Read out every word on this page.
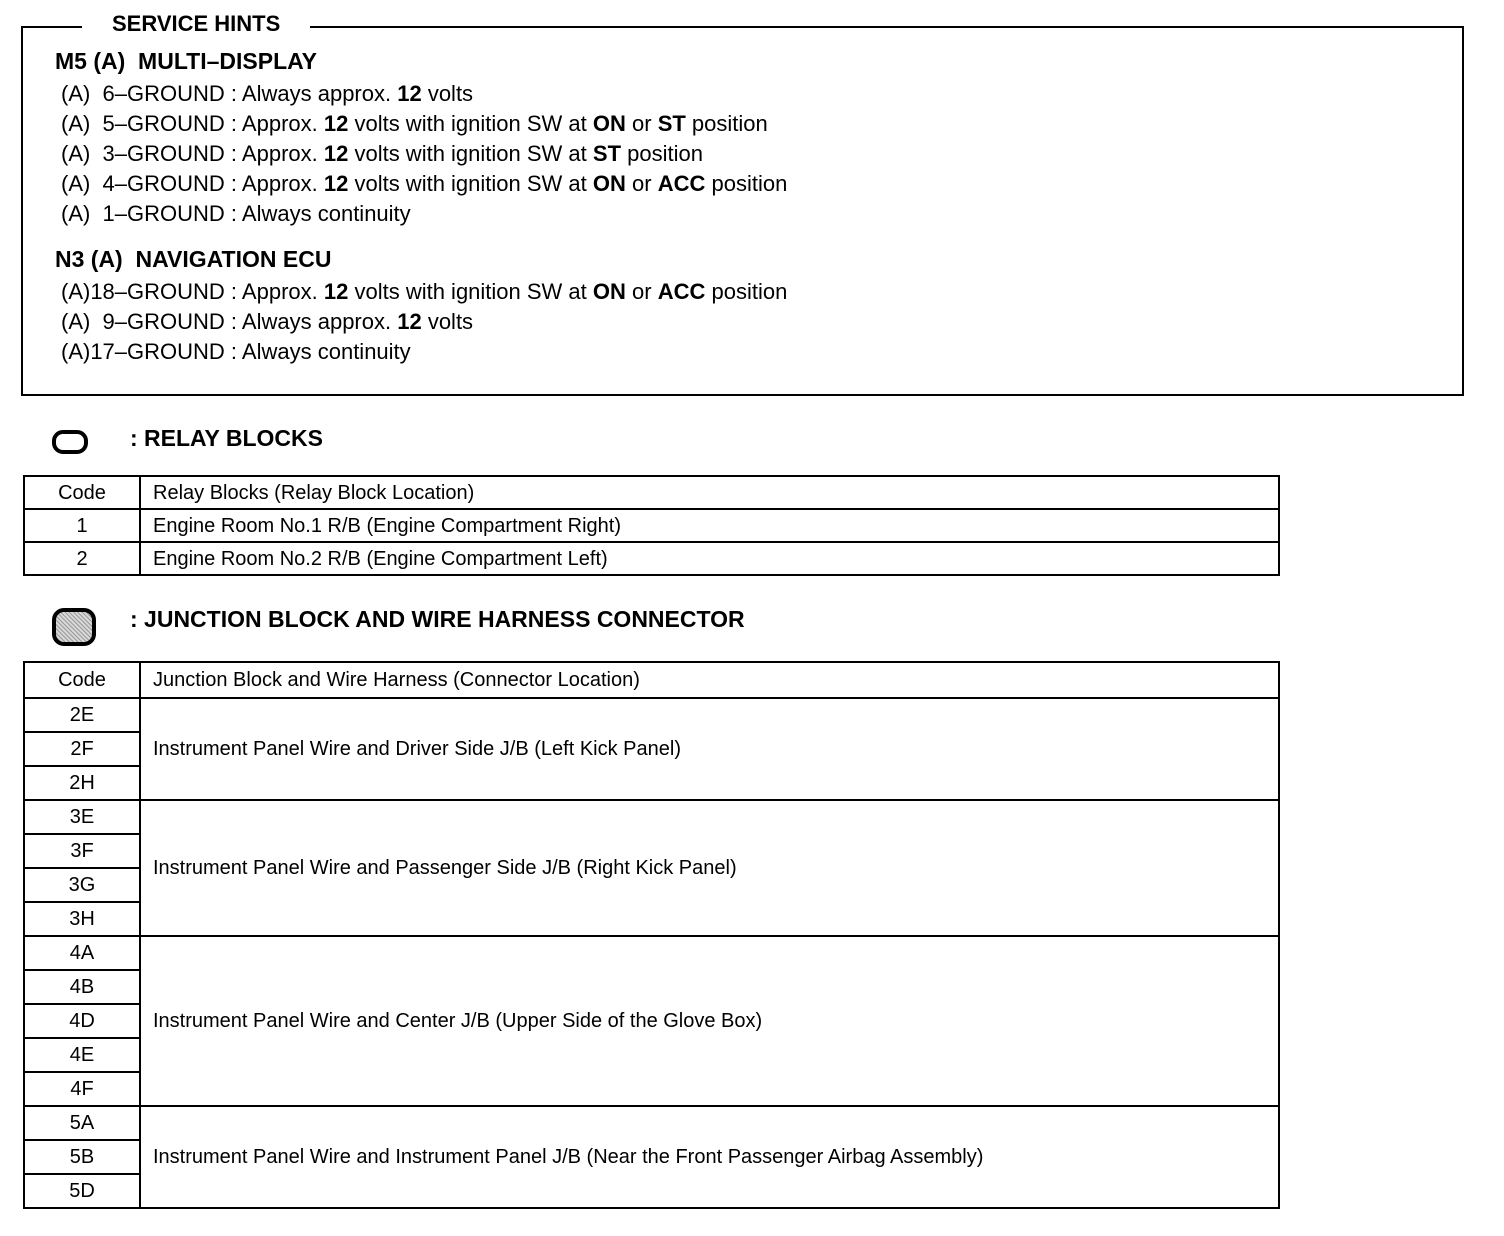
SERVICE HINTS
M5 (A)  MULTI–DISPLAY
(A)  6–GROUND : Always approx. 12 volts
(A)  5–GROUND : Approx. 12 volts with ignition SW at ON or ST position
(A)  3–GROUND : Approx. 12 volts with ignition SW at ST position
(A)  4–GROUND : Approx. 12 volts with ignition SW at ON or ACC position
(A)  1–GROUND : Always continuity
N3 (A)  NAVIGATION ECU
(A)18–GROUND : Approx. 12 volts with ignition SW at ON or ACC position
(A)  9–GROUND : Always approx. 12 volts
(A)17–GROUND : Always continuity
: RELAY BLOCKS
Code	Relay Blocks (Relay Block Location)
1	Engine Room No.1 R/B (Engine Compartment Right)
2	Engine Room No.2 R/B (Engine Compartment Left)
: JUNCTION BLOCK AND WIRE HARNESS CONNECTOR
Code	Junction Block and Wire Harness (Connector Location)
2E	Instrument Panel Wire and Driver Side J/B (Left Kick Panel)
2F	
2H	
3E	Instrument Panel Wire and Passenger Side J/B (Right Kick Panel)
3F	
3G	
3H	
4A	Instrument Panel Wire and Center J/B (Upper Side of the Glove Box)
4B	
4D	
4E	
4F	
5A	Instrument Panel Wire and Instrument Panel J/B (Near the Front Passenger Airbag Assembly)
5B	
5D	
